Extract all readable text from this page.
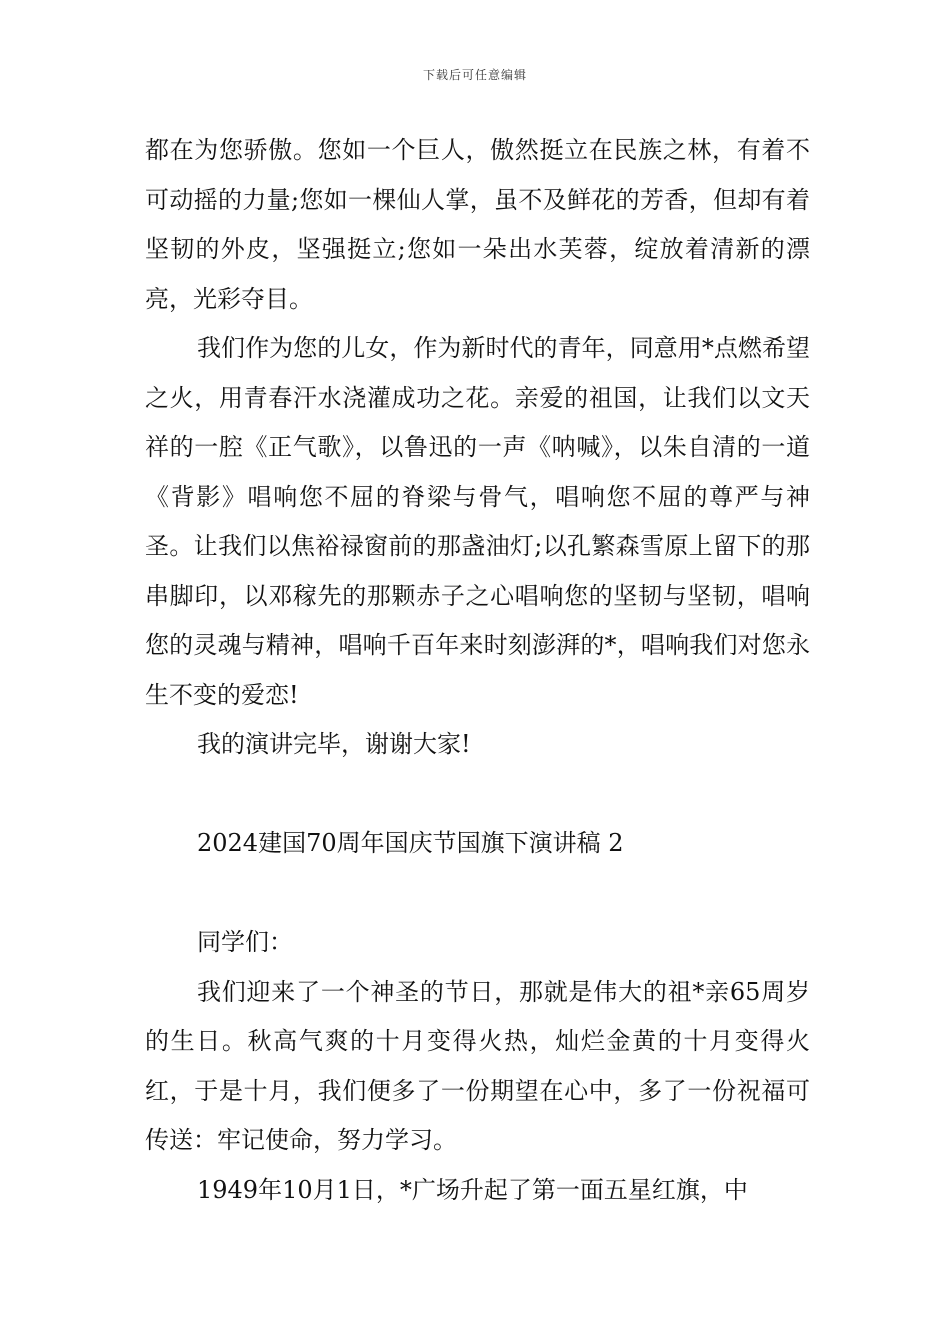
下载后可任意编辑

都在为您骄傲。您如一个巨人，傲然挺立在民族之林，有着不可动摇的力量;您如一棵仙人掌，虽不及鲜花的芳香，但却有着坚韧的外皮，坚强挺立;您如一朵出水芙蓉，绽放着清新的漂亮，光彩夺目。

我们作为您的儿女，作为新时代的青年，同意用*点燃希望之火，用青春汗水浇灌成功之花。亲爱的祖国，让我们以文天祥的一腔《正气歌》，以鲁迅的一声《呐喊》，以朱自清的一道《背影》唱响您不屈的脊梁与骨气，唱响您不屈的尊严与神圣。让我们以焦裕禄窗前的那盏油灯;以孔繁森雪原上留下的那串脚印，以邓稼先的那颗赤子之心唱响您的坚韧与坚韧，唱响您的灵魂与精神，唱响千百年来时刻澎湃的*，唱响我们对您永生不变的爱恋!

我的演讲完毕，谢谢大家!

2024建国70周年国庆节国旗下演讲稿 2

同学们：

我们迎来了一个神圣的节日，那就是伟大的祖*亲65周岁的生日。秋高气爽的十月变得火热，灿烂金黄的十月变得火红，于是十月，我们便多了一份期望在心中，多了一份祝福可传送：牢记使命，努力学习。

1949年10月1日，*广场升起了第一面五星红旗，中
